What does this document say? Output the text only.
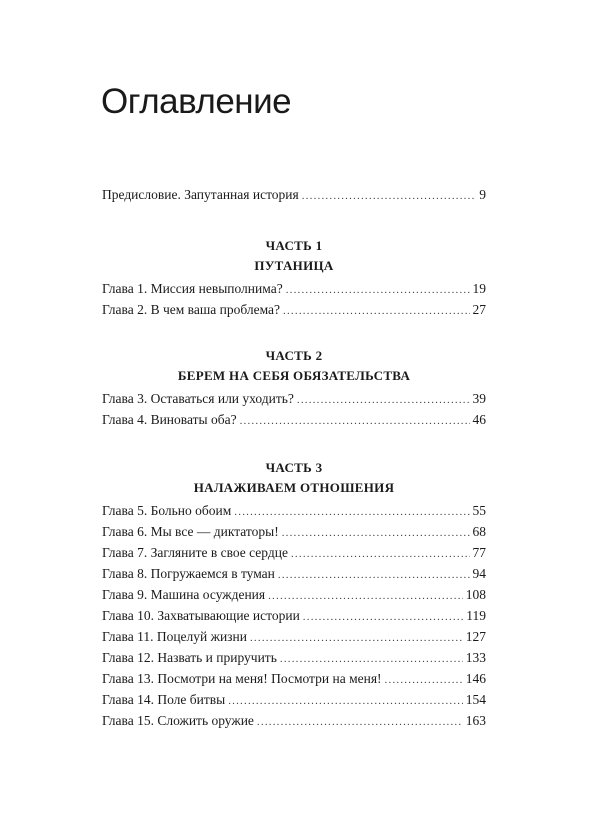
Оглавление
Предисловие. Запутанная история .....	9
ЧАСТЬ 1
ПУТАНИЦА
Глава 1. Миссия невыполнима? .....	19
Глава 2. В чем ваша проблема? .....	27
ЧАСТЬ 2
БЕРЕМ НА СЕБЯ ОБЯЗАТЕЛЬСТВА
Глава 3. Оставаться или уходить? .....	39
Глава 4. Виноваты оба? .....	46
ЧАСТЬ 3
НАЛАЖИВАЕМ ОТНОШЕНИЯ
Глава 5. Больно обоим .....	55
Глава 6. Мы все — диктаторы! .....	68
Глава 7. Загляните в свое сердце .....	77
Глава 8. Погружаемся в туман .....	94
Глава 9. Машина осуждения .....	108
Глава 10. Захватывающие истории .....	119
Глава 11. Поцелуй жизни .....	127
Глава 12. Назвать и приручить .....	133
Глава 13. Посмотри на меня! Посмотри на меня! .....	146
Глава 14. Поле битвы .....	154
Глава 15. Сложить оружие .....	163
